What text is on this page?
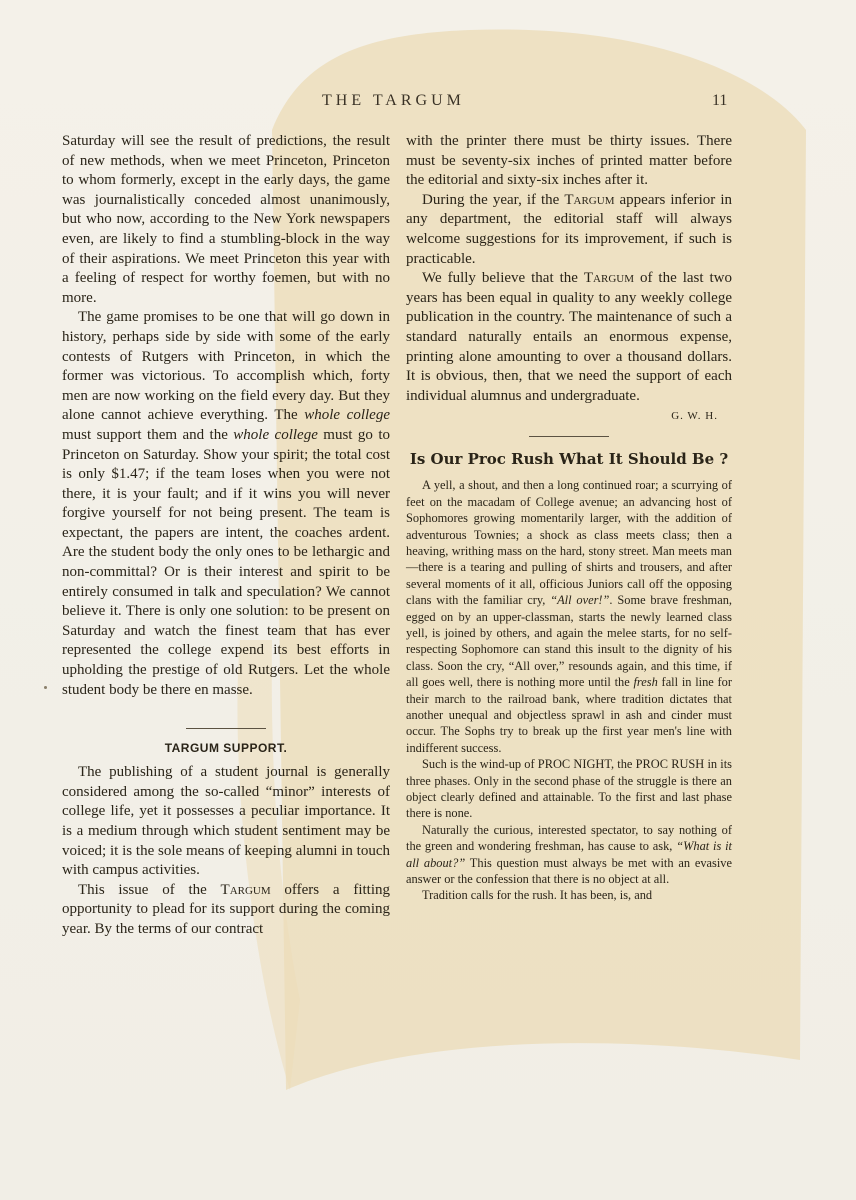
THE TARGUM	11

Saturday will see the result of predictions, the result of new methods, when we meet Princeton, Princeton to whom formerly, except in the early days, the game was journalistically conceded almost unanimously, but who now, according to the New York newspapers even, are likely to find a stumbling-block in the way of their aspirations. We meet Princeton this year with a feeling of respect for worthy foemen, but with no more.

The game promises to be one that will go down in history, perhaps side by side with some of the early contests of Rutgers with Princeton, in which the former was victorious. To accomplish which, forty men are now working on the field every day. But they alone cannot achieve everything. The whole college must support them and the whole college must go to Princeton on Saturday. Show your spirit; the total cost is only $1.47; if the team loses when you were not there, it is your fault; and if it wins you will never forgive yourself for not being present. The team is expectant, the papers are intent, the coaches ardent. Are the student body the only ones to be lethargic and non-committal? Or is their interest and spirit to be entirely consumed in talk and speculation? We cannot believe it. There is only one solution: to be present on Saturday and watch the finest team that has ever represented the college expend its best efforts in upholding the prestige of old Rutgers. Let the whole student body be there en masse.

TARGUM SUPPORT.

The publishing of a student journal is generally considered among the so-called “minor” interests of college life, yet it possesses a peculiar importance. It is a medium through which student sentiment may be voiced; it is the sole means of keeping alumni in touch with campus activities.

This issue of the Targum offers a fitting opportunity to plead for its support during the coming year. By the terms of our contract

with the printer there must be thirty issues. There must be seventy-six inches of printed matter before the editorial and sixty-six inches after it.

During the year, if the Targum appears inferior in any department, the editorial staff will always welcome suggestions for its improvement, if such is practicable.

We fully believe that the Targum of the last two years has been equal in quality to any weekly college publication in the country. The maintenance of such a standard naturally entails an enormous expense, printing alone amounting to over a thousand dollars. It is obvious, then, that we need the support of each individual alumnus and undergraduate.

G. W. H.
Is Our Proc Rush What It Should Be ?

A yell, a shout, and then a long continued roar; a scurrying of feet on the macadam of College avenue; an advancing host of Sophomores growing momentarily larger, with the addition of adventurous Townies; a shock as class meets class; then a heaving, writhing mass on the hard, stony street. Man meets man—there is a tearing and pulling of shirts and trousers, and after several moments of it all, officious Juniors call off the opposing clans with the familiar cry, “All over!”. Some brave freshman, egged on by an upper-classman, starts the newly learned class yell, is joined by others, and again the melee starts, for no self-respecting Sophomore can stand this insult to the dignity of his class. Soon the cry, “All over,” resounds again, and this time, if all goes well, there is nothing more until the fresh fall in line for their march to the railroad bank, where tradition dictates that another unequal and objectless sprawl in ash and cinder must occur. The Sophs try to break up the first year men's line with indifferent success.

Such is the wind-up of PROC NIGHT, the PROC RUSH in its three phases. Only in the second phase of the struggle is there an object clearly defined and attainable. To the first and last phase there is none.

Naturally the curious, interested spectator, to say nothing of the green and wondering freshman, has cause to ask, “What is it all about?” This question must always be met with an evasive answer or the confession that there is no object at all.

Tradition calls for the rush. It has been, is, and
